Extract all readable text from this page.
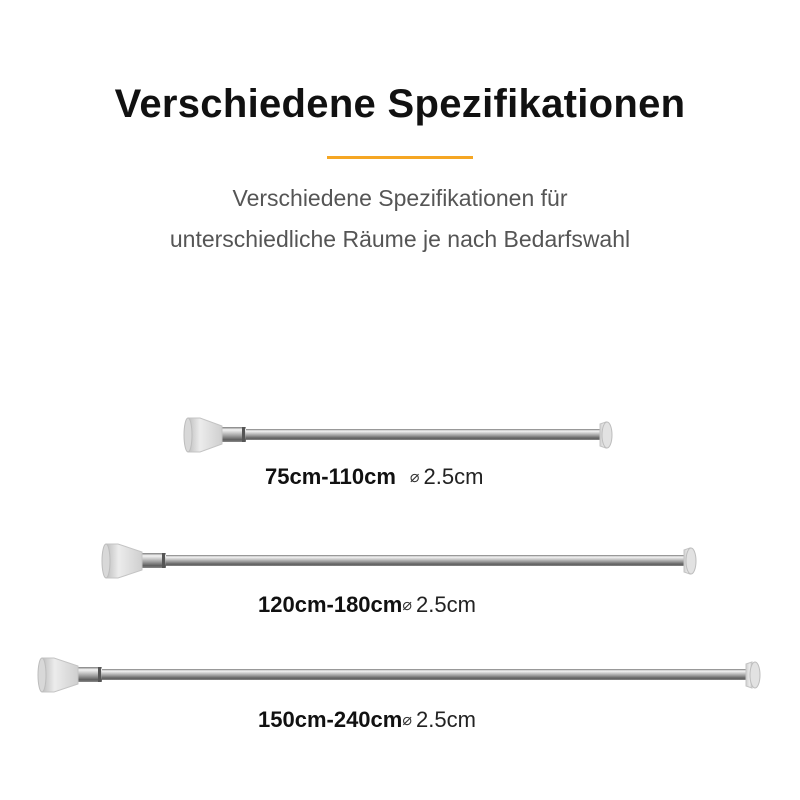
Verschiedene Spezifikationen
Verschiedene Spezifikationen für
unterschiedliche Räume je nach Bedarfswahl
75cm-110cm ⌀ 2.5cm
120cm-180cm⌀ 2.5cm
150cm-240cm⌀ 2.5cm
